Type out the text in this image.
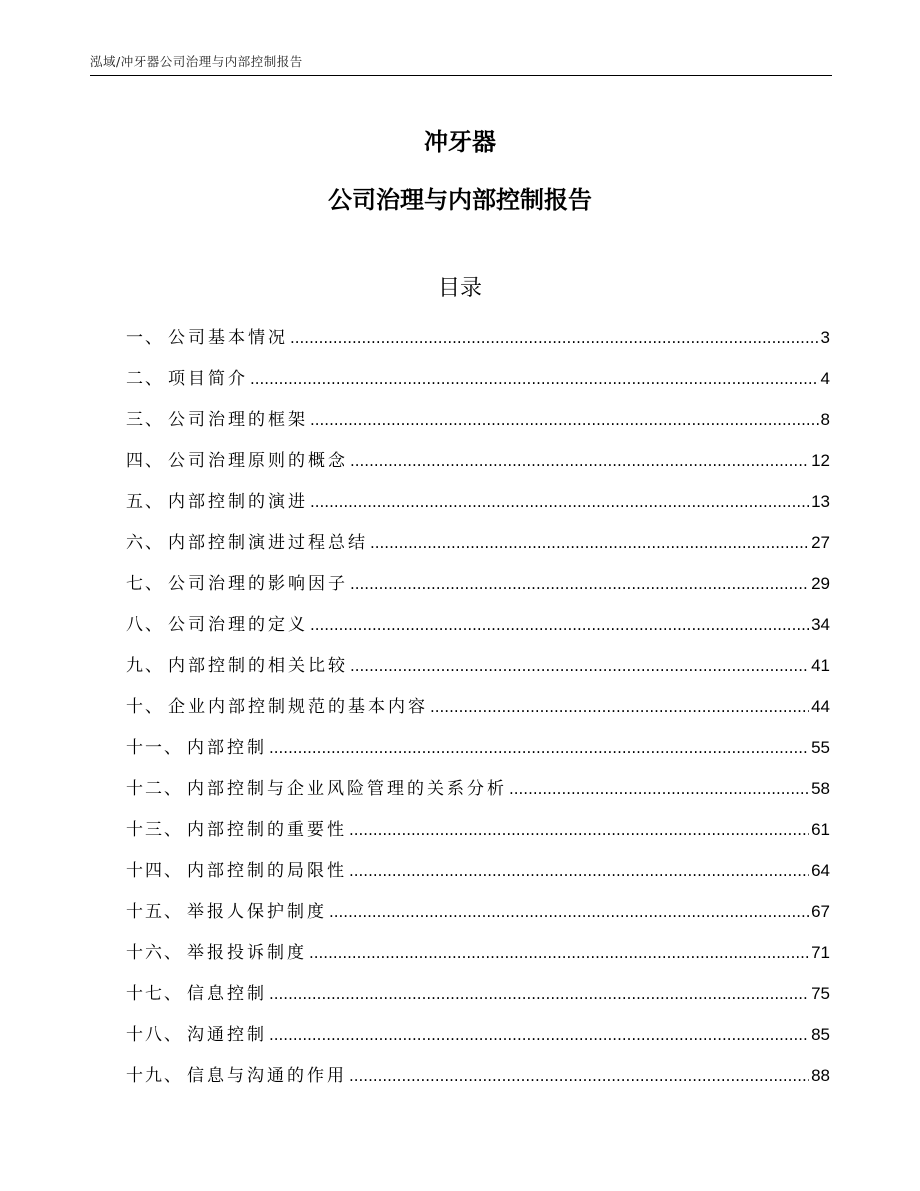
泓域/冲牙器公司治理与内部控制报告
冲牙器
公司治理与内部控制报告
目录
一 、 公司基本情况 .....	3
二 、 项目简介 .....	4
三 、 公司治理的框架 .....	8
四 、 公司治理原则的概念 .....	12
五 、 内部控制的演进 .....	13
六 、 内部控制演进过程总结 .....	27
七 、 公司治理的影响因子 .....	29
八 、 公司治理的定义 .....	34
九 、 内部控制的相关比较 .....	41
十 、 企业内部控制规范的基本内容 .....	44
十一 、 内部控制 .....	55
十二 、 内部控制与企业风险管理的关系分析 .....	58
十三 、 内部控制的重要性 .....	61
十四 、 内部控制的局限性 .....	64
十五 、 举报人保护制度 .....	67
十六 、 举报投诉制度 .....	71
十七 、 信息控制 .....	75
十八 、 沟通控制 .....	85
十九 、 信息与沟通的作用 .....	88
